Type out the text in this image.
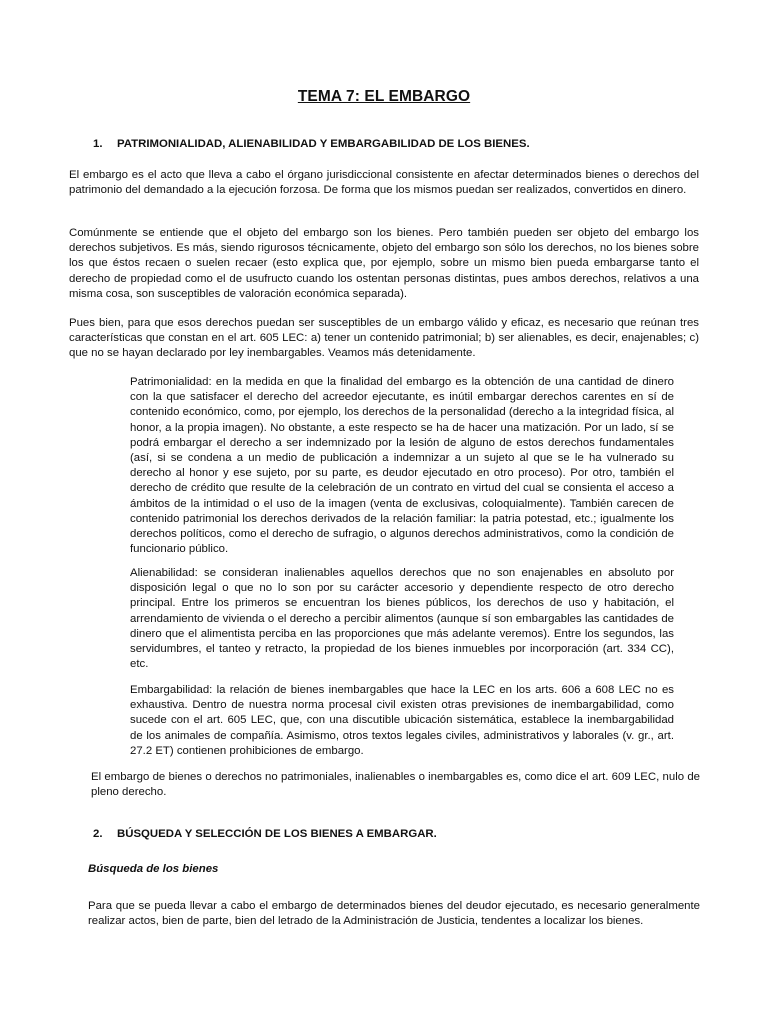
TEMA 7: EL EMBARGO
1. PATRIMONIALIDAD, ALIENABILIDAD Y EMBARGABILIDAD DE LOS BIENES.

El embargo es el acto que lleva a cabo el órgano jurisdiccional consistente en afectar determinados bienes o derechos del patrimonio del demandado a la ejecución forzosa. De forma que los mismos puedan ser realizados, convertidos en dinero.

Comúnmente se entiende que el objeto del embargo son los bienes. Pero también pueden ser objeto del embargo los derechos subjetivos. Es más, siendo rigurosos técnicamente, objeto del embargo son sólo los derechos, no los bienes sobre los que éstos recaen o suelen recaer (esto explica que, por ejemplo, sobre un mismo bien pueda embargarse tanto el derecho de propiedad como el de usufructo cuando los ostentan personas distintas, pues ambos derechos, relativos a una misma cosa, son susceptibles de valoración económica separada).

Pues bien, para que esos derechos puedan ser susceptibles de un embargo válido y eficaz, es necesario que reúnan tres características que constan en el art. 605 LEC: a) tener un contenido patrimonial; b) ser alienables, es decir, enajenables; c) que no se hayan declarado por ley inembargables. Veamos más detenidamente.

Patrimonialidad: en la medida en que la finalidad del embargo es la obtención de una cantidad de dinero con la que satisfacer el derecho del acreedor ejecutante, es inútil embargar derechos carentes en sí de contenido económico, como, por ejemplo, los derechos de la personalidad (derecho a la integridad física, al honor, a la propia imagen). No obstante, a este respecto se ha de hacer una matización. Por un lado, sí se podrá embargar el derecho a ser indemnizado por la lesión de alguno de estos derechos fundamentales (así, si se condena a un medio de publicación a indemnizar a un sujeto al que se le ha vulnerado su derecho al honor y ese sujeto, por su parte, es deudor ejecutado en otro proceso). Por otro, también el derecho de crédito que resulte de la celebración de un contrato en virtud del cual se consienta el acceso a ámbitos de la intimidad o el uso de la imagen (venta de exclusivas, coloquialmente). También carecen de contenido patrimonial los derechos derivados de la relación familiar: la patria potestad, etc.; igualmente los derechos políticos, como el derecho de sufragio, o algunos derechos administrativos, como la condición de funcionario público.

Alienabilidad: se consideran inalienables aquellos derechos que no son enajenables en absoluto por disposición legal o que no lo son por su carácter accesorio y dependiente respecto de otro derecho principal. Entre los primeros se encuentran los bienes públicos, los derechos de uso y habitación, el arrendamiento de vivienda o el derecho a percibir alimentos (aunque sí son embargables las cantidades de dinero que el alimentista perciba en las proporciones que más adelante veremos). Entre los segundos, las servidumbres, el tanteo y retracto, la propiedad de los bienes inmuebles por incorporación (art. 334 CC), etc.

Embargabilidad: la relación de bienes inembargables que hace la LEC en los arts. 606 a 608 LEC no es exhaustiva. Dentro de nuestra norma procesal civil existen otras previsiones de inembargabilidad, como sucede con el art. 605 LEC, que, con una discutible ubicación sistemática, establece la inembargabilidad de los animales de compañía. Asimismo, otros textos legales civiles, administrativos y laborales (v. gr., art. 27.2 ET) contienen prohibiciones de embargo.

El embargo de bienes o derechos no patrimoniales, inalienables o inembargables es, como dice el art. 609 LEC, nulo de pleno derecho.

2. BÚSQUEDA Y SELECCIÓN DE LOS BIENES A EMBARGAR.
Búsqueda de los bienes

Para que se pueda llevar a cabo el embargo de determinados bienes del deudor ejecutado, es necesario generalmente realizar actos, bien de parte, bien del letrado de la Administración de Justicia, tendentes a localizar los bienes.
